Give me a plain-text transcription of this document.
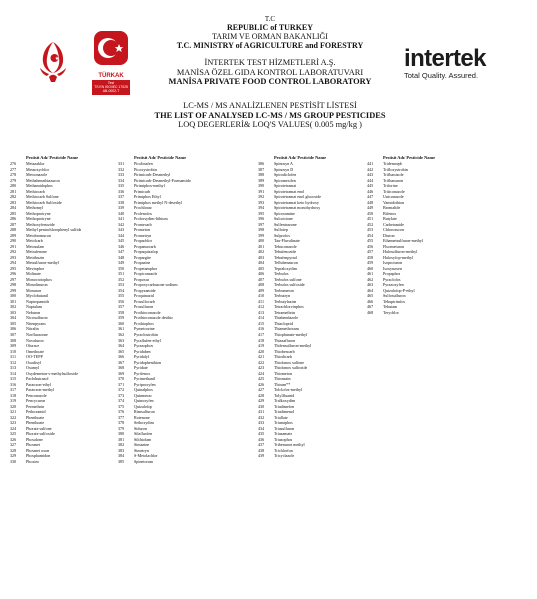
TÜRKAK
Test
TS EN ISO/IEC 17025
AB-0002-T
T.C
REPUBLIC of TURKEY
TARIM VE ORMAN BAKANLIĞI
T.C. MINISTRY of AGRICULTURE and FORESTRY
İNTERTEK TEST HİZMETLERİ A.Ş.
MANİSA ÖZEL GIDA KONTROL LABORATUVARI
MANİSA PRIVATE FOOD CONTROL LABORATORY
intertek
Total Quality. Assured.
LC-MS / MS ANALİZLENEN PESTİSİT LİSTESİ
THE LIST OF ANALYSED LC-MS / MS GROUP PESTICIDES
LOQ DEGERLERİ& LOQ'S VALUES( 0.005 mg/kg )
Pestisit Adı/ Pesticide Name
276	Metazaklor
277	Metaoxychlor
278	Metconazole
279	Methabenzthiazuron
280	Methamidophos
281	Methiocarb
282	Methiocarb Sulfone
283	Methiocarb Sulfoxide
284	Methomyl
285	Methoprotryne
286	Methoprotryne
287	Methoxyfenozide
288	Methyl pentachlorophenyl sulfide
289	Metobromuron
290	Metolcarb
291	Metosulam
292	Metrafenone
293	Metribuzin
294	Metsulfuron-methyl
295	Mevinphos
296	Molinate
297	Monocrotophos
298	Monolinuron
299	Monuron
300	Myclobutanil
301	Naptropamide
302	Naptalam
303	Neburon
304	Nicosulfuron
305	Nitenpyram
306	Nitralin
307	Norflurazone
308	Novaluron
309	Ofurace
310	Omethoate
311	OO-TEPP
312	Oxadixyl
313	Oxamyl
314	Oxydemeton-s-methylsulfoxide
315	Paclobutrazol
316	Paraoxon-ethyl
317	Paraoxon-methyl
318	Penconazole
319	Pencycuron
320	Permethrin
321	Pethoxamid
322	Phenthoate
323	Phenthoate
324	Phorate sulfone
325	Phorate sulfoxide
326	Phosalone
327	Phosmet
328	Phosmet oxon
329	Phosphamidon
330	Phoxim
Pestisit Adı/ Pesticide Name
331	Picolinafen
332	Picoxystrobin
333	Pirimicarb-Desmethyl
334	Pirimicarb-Desmethyl-Formamido
335	Pirimiphos-methyl
336	Primicarb
337	Primiphos Ethyl
338	Primiphos methyl N-desethyl
339	Prochloraz
340	Profenofos
341	Proforsydim-lithium
342	Promecarb
343	Prometon
344	Prometryn
345	Propachlor
346	Propamocarb
347	Propaquizafop
348	Propargite
349	Propazine
350	Propetamphos
351	Propiconazole
352	Propoxur
353	Propoxycarbazone sodium
354	Propyzamide
355	Proquinazid
356	Prosulfocarb
357	Prosulfuron
358	Prothioconazole
359	Prothioconazole desthio
360	Prothiophos
361	Pymetrozine
362	Pyraclostrobin
363	Pyraflufen-ethyl
364	Pyrazophos
365	Pyridaben
366	Pyridalyl
367	Pyridaphenthion
368	Pyridate
369	Pyrifenox
370	Pyrimethanil
371	Pyriproxyfen
372	Quinalphos
373	Quinmerac
374	Quinoxyfen
375	Quizalofop
376	Rimsulfuron
377	Rotenone
378	Sethoxydim
379	Siduron
380	Silafluofen
381	Silthiofam
382	Simazine
383	Simetryn
384	S-Metolachlor
385	Spinetoram
Pestisit Adı/ Pesticide Name
386	Spinosyn A
387	Spinosyn D
388	Spirodiclofen
389	Spiromesifen
390	Spirotetramat
391	Spirotetramat enol
392	Spirotetramat enol glucoside
393	Spirotetramat keto hydroxy
394	Spirotetramat monohydroxy
395	Spiroxamine
396	Sulcotrione
397	Sulfentrazone
398	Sulfotep
399	Sulprofos
400	Tau-Fluvalinate
401	Tebuconazole
402	Tebufenozide
403	Tebufenpyrad
404	Teflubenzuron
405	Tepraloxydim
406	Terbufos
407	Terbufos sulfone
408	Terbufos sulfoxide
409	Terbumeton
410	Terbutryn
411	Terbutylazine
412	Tetrachlorvinphos
413	Tetramethrin
414	Thiabendazole
415	Thiacloprid
416	Thiamethoxam
417	Thiophanate-methyl
418	Thiazafluron
419	Thifensulfuron-methyl
420	Thiobencarb
421	Thiodicarb
422	Thiofanox sulfone
423	Thiofanox sulfoxide
424	Thiometon
425	Thionazin
426	Thiram**
427	Tolclofos-methyl
428	Tolylfluanid
429	Tralkoxydim
430	Triadimefon
431	Triadimenol
432	Triallate
433	Triamiphos
434	Triasulfuron
435	Triazamate
436	Triazophos
437	Tribenuron methyl
438	Trichlorfon
439	Tricyclazole
Pestisit Adı/ Pesticide Name
441	Tridemorph
442	Trifloxystrobin
443	Triflumizole
444	Triflumuron
445	Triforine
446	Triticonazole
447	Uniconazole
448	Vamidothion
449	Bromalide
450	Bifenox
451	Butylate
452	Carbetamide
453	Chloroxuron
454	Diuron
455	Ethametsulfuron-methyl
456	Fluometuron
457	Halosulfuron-methyl
458	Haloxyfop-methyl
459	Isoproturon
460	Isoxynaxen
461	Propaphos
462	Pyraclofos
463	Pyrazoxyfen
464	Quizalofop-P-ethyl
465	Sulfosulfuron
466	Tebupirimfos
467	Tebutam
468	Terychlor
